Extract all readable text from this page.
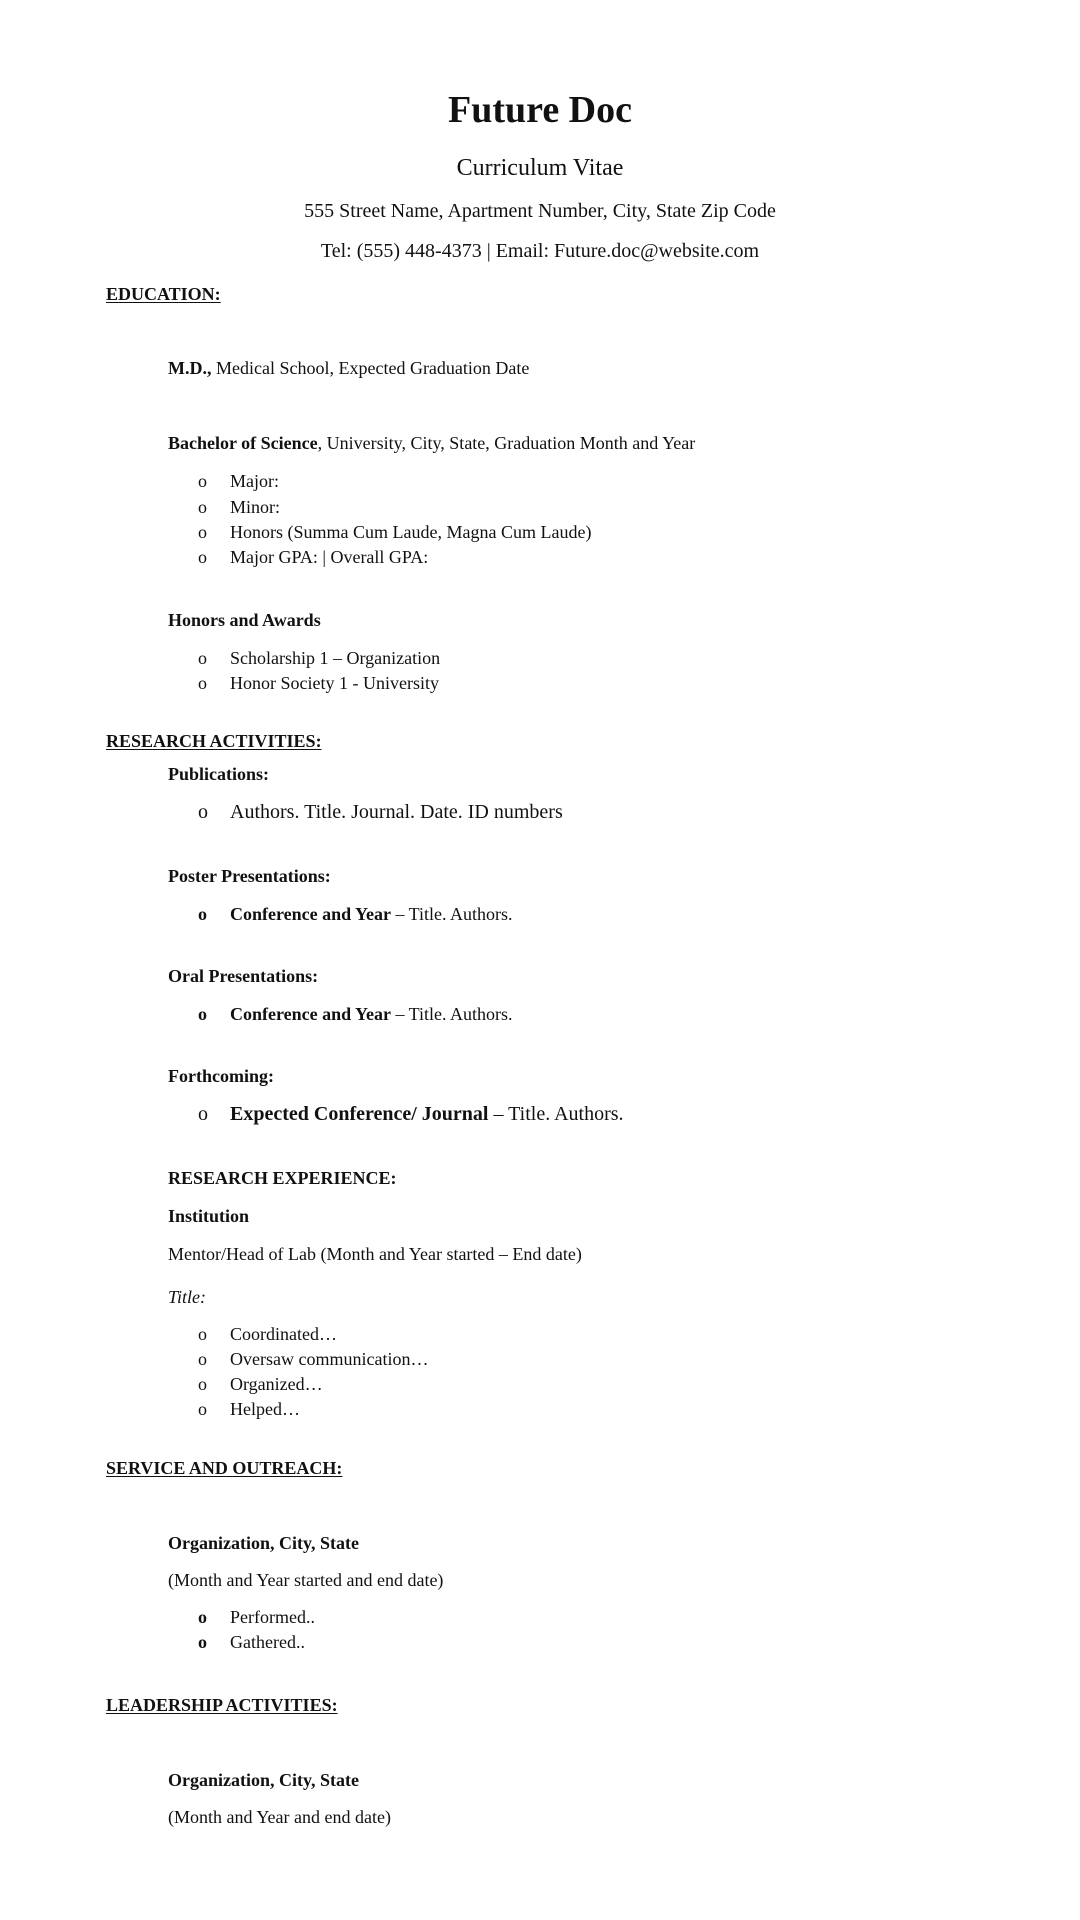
Future Doc
Curriculum Vitae
555 Street Name, Apartment Number, City, State Zip Code
Tel: (555) 448-4373 | Email: Future.doc@website.com
EDUCATION:
M.D., Medical School, Expected Graduation Date
Bachelor of Science, University, City, State, Graduation Month and Year
o Major:
o Minor:
o Honors (Summa Cum Laude, Magna Cum Laude)
o Major GPA: | Overall GPA:
Honors and Awards
o Scholarship 1 – Organization
o Honor Society 1 - University
RESEARCH ACTIVITIES:
Publications:
o Authors. Title. Journal. Date. ID numbers
Poster Presentations:
o Conference and Year – Title. Authors.
Oral Presentations:
o Conference and Year – Title. Authors.
Forthcoming:
o Expected Conference/ Journal – Title. Authors.
RESEARCH EXPERIENCE:
Institution
Mentor/Head of Lab (Month and Year started – End date)
Title:
o Coordinated…
o Oversaw communication…
o Organized…
o Helped…
SERVICE AND OUTREACH:
Organization, City, State
(Month and Year started and end date)
o Performed..
o Gathered..
LEADERSHIP ACTIVITIES:
Organization, City, State
(Month and Year and end date)
